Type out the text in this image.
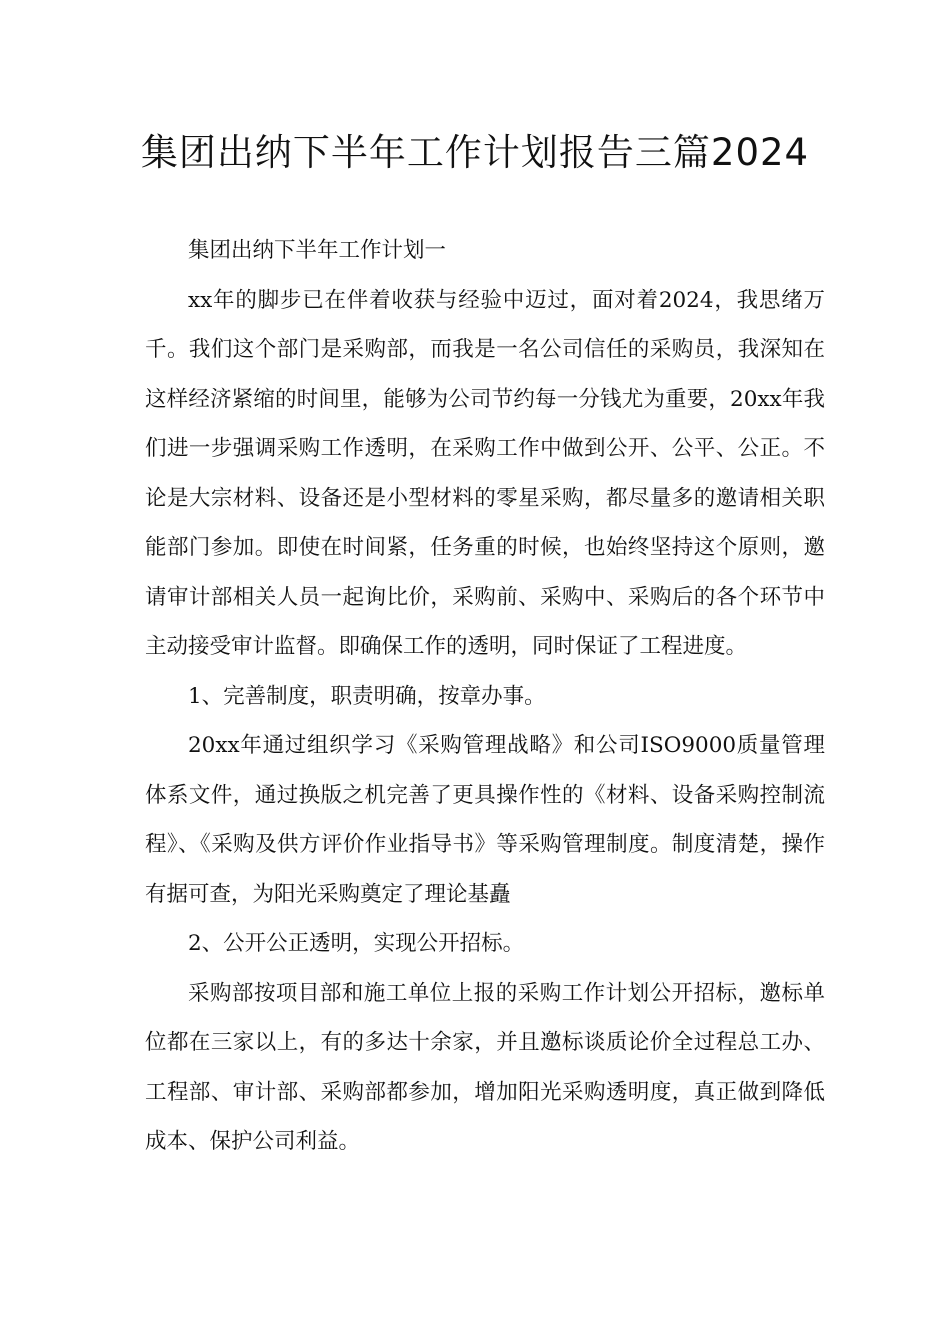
集团出纳下半年工作计划报告三篇2024

集团出纳下半年工作计划一

xx年的脚步已在伴着收获与经验中迈过，面对着2024，我思绪万千。我们这个部门是采购部，而我是一名公司信任的采购员，我深知在这样经济紧缩的时间里，能够为公司节约每一分钱尤为重要，20xx年我们进一步强调采购工作透明，在采购工作中做到公开、公平、公正。不论是大宗材料、设备还是小型材料的零星采购，都尽量多的邀请相关职能部门参加。即使在时间紧，任务重的时候，也始终坚持这个原则，邀请审计部相关人员一起询比价，采购前、采购中、采购后的各个环节中主动接受审计监督。即确保工作的透明，同时保证了工程进度。

1、完善制度，职责明确，按章办事。

20xx年通过组织学习《采购管理战略》和公司ISO9000质量管理体系文件，通过换版之机完善了更具操作性的《材料、设备采购控制流程》、《采购及供方评价作业指导书》等采购管理制度。制度清楚，操作有据可查，为阳光采购奠定了理论基矗

2、公开公正透明，实现公开招标。

采购部按项目部和施工单位上报的采购工作计划公开招标，邀标单位都在三家以上，有的多达十余家，并且邀标谈质论价全过程总工办、工程部、审计部、采购部都参加，增加阳光采购透明度，真正做到降低成本、保护公司利益。
